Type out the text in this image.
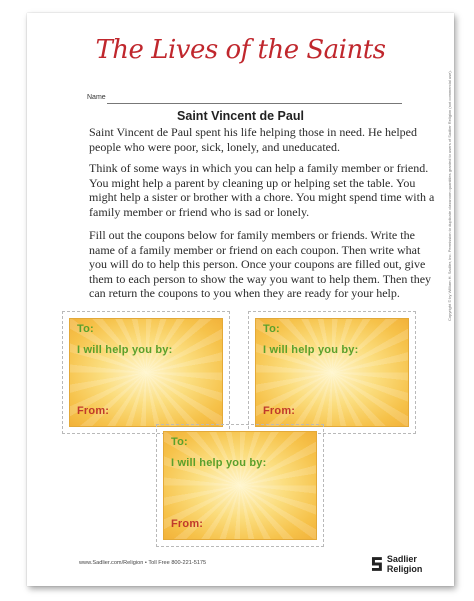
The Lives of the Saints
Name
Saint Vincent de Paul

Saint Vincent de Paul spent his life helping those in need. He helped people who were poor, sick, lonely, and uneducated.

Think of some ways in which you can help a family member or friend. You might help a parent by cleaning up or helping set the table. You might help a sister or brother with a chore. You might spend time with a family member or friend who is sad or lonely.

Fill out the coupons below for family members or friends. Write the name of a family member or friend on each coupon. Then write what you will do to help this person. Once your coupons are filled out, give them to each person to show the way you want to help them. Then they can return the coupons to you when they are ready for your help.

To:
I will help you by:
From:
To:
I will help you by:
From:
To:
I will help you by:
From:
www.Sadlier.com/Religion • Toll Free 800-221-5175	Sadlier Religion
Copyright © by William H. Sadlier, Inc. Permission to duplicate classroom quantities granted to users of Sadlier Religion (not commercial use).
